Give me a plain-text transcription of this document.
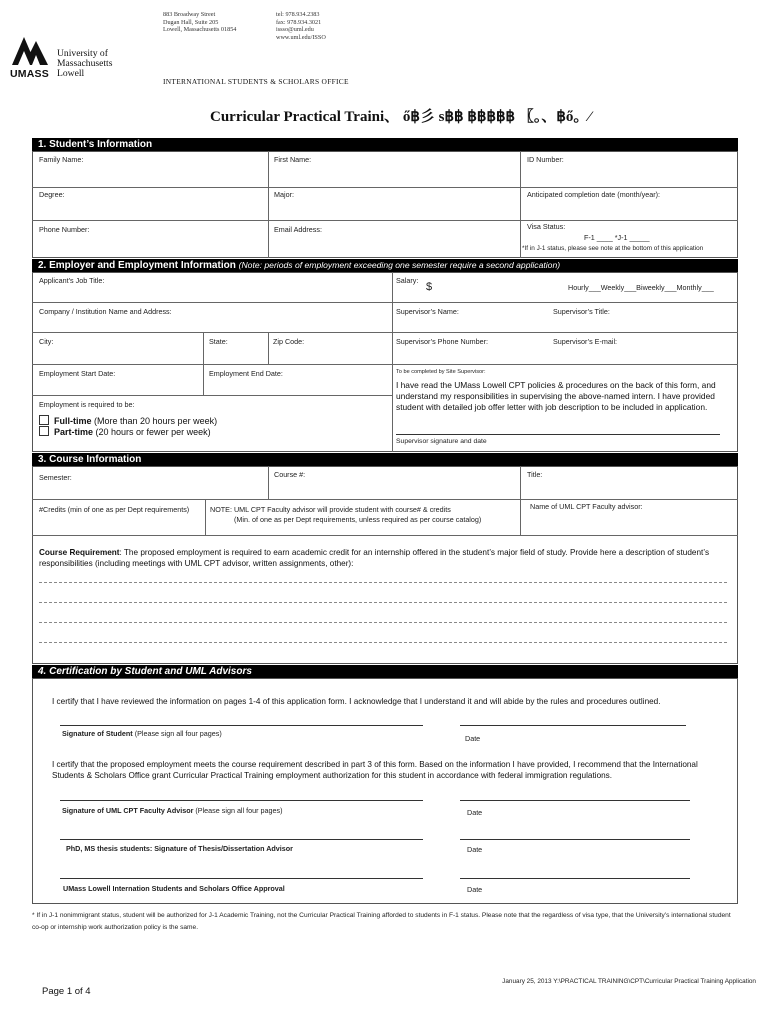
883 Broadway Street
Dugan Hall, Suite 205
Lowell, Massachusetts 01854
tel: 978.934.2383
fax: 978.934.3021
issso@uml.edu
www.uml.edu/ISSO
UMASS
University of
Massachusetts
Lowell
INTERNATIONAL STUDENTS & SCHOLARS OFFICE
Curricular Practical Traini、 ő฿彡 ѕ฿฿ ฿฿฿฿฿ 〖。、฿ő。⁄
1. Student’s Information
Family Name:	First Name:	ID Number:
Degree:	Major:	Anticipated completion date (month/year):
Phone Number:	Email Address:	Visa Status:
F-1 ____ *J-1 _____
*If in J-1 status, please see note at the bottom of this application
2. Employer and Employment Information (Note: periods of employment exceeding one semester require a second application)
Applicant’s Job Title:	Salary:
$	Hourly___Weekly___Biweekly___Monthly___
Company / Institution Name and Address:	Supervisor’s Name:	Supervisor’s Title:
City:	State:	Zip Code:	Supervisor’s Phone Number:	Supervisor’s E-mail:
Employment Start Date:	Employment End Date:	To be completed by Site Supervisor:
I have read the UMass Lowell CPT policies & procedures on the back of this form, and understand my responsibilities in supervising the above-named intern. I have provided student with detailed job offer letter with job description to be included in application.
Supervisor signature and date
Employment is required to be:
Full-time (More than 20 hours per week)
Part-time (20 hours or fewer per week)
3. Course Information
Semester:	Course #:	Title:
#Credits (min of one as per Dept requirements)	NOTE: UML CPT Faculty advisor will provide student with course# & credits
(Min. of one as per Dept requirements, unless required as per course catalog)
Name of UML CPT Faculty advisor:
Course Requirement: The proposed employment is required to earn academic credit for an internship offered in the student’s major field of study. Provide here a description of student’s responsibilities (including meetings with UML CPT advisor, written assignments, other):
4. Certification by Student and UML Advisors
I certify that I have reviewed the information on pages 1-4 of this application form. I acknowledge that I understand it and will abide by the rules and procedures outlined.
Signature of Student (Please sign all four pages)
Date
I certify that the proposed employment meets the course requirement described in part 3 of this form. Based on the information I have provided, I recommend that the International Students & Scholars Office grant Curricular Practical Training employment authorization for this student in accordance with federal immigration regulations.
Signature of UML CPT Faculty Advisor (Please sign all four pages)	Date
PhD, MS thesis students: Signature of Thesis/Dissertation Advisor	Date
UMass Lowell Internation Students and Scholars Office Approval	Date
* If in J-1 nonimmigrant status, student will be authorized for J-1 Academic Training, not the Curricular Practical Training afforded to students in F-1 status. Please note that the regardless of visa type, that the University’s international student co-op or internship work authorization policy is the same.
Page 1 of 4
January 25, 2013 Y:\PRACTICAL TRAINING\CPT\Curricular Practical Training Application
